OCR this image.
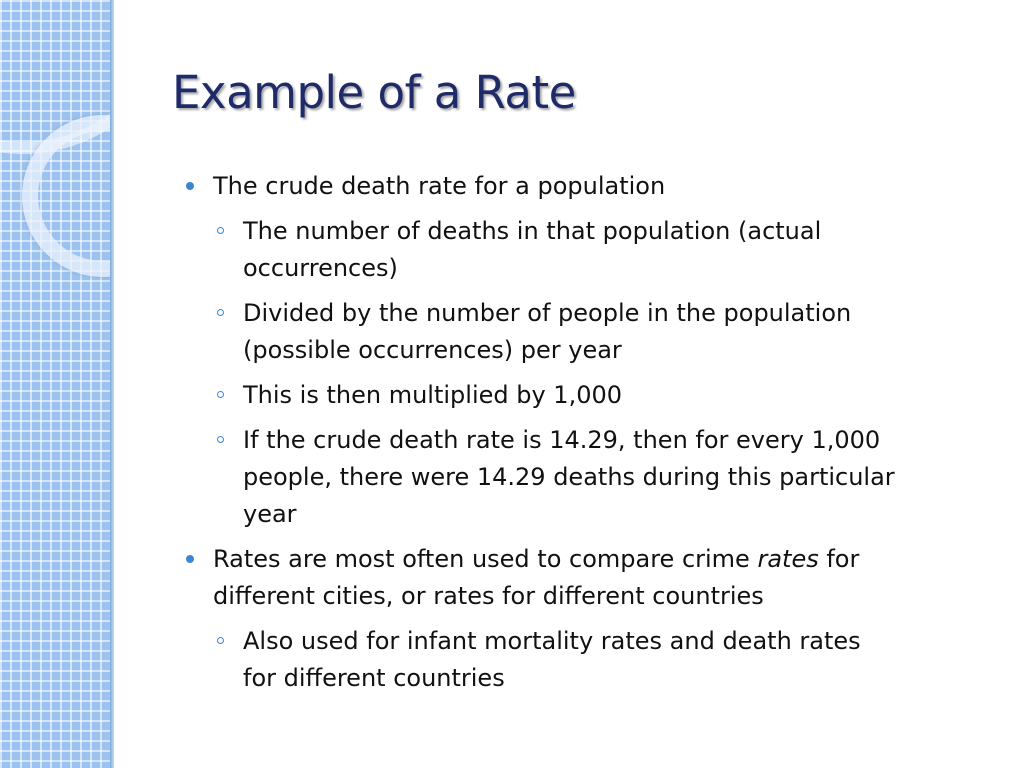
Example of a Rate
The crude death rate for a population
The number of deaths in that population (actual
occurrences)
Divided by the number of people in the population
(possible occurrences) per year
This is then multiplied by 1,000
If the crude death rate is 14.29, then for every 1,000
people, there were 14.29 deaths during this particular
year
Rates are most often used to compare crime rates for
different cities, or rates for different countries
Also used for infant mortality rates and death rates
for different countries
